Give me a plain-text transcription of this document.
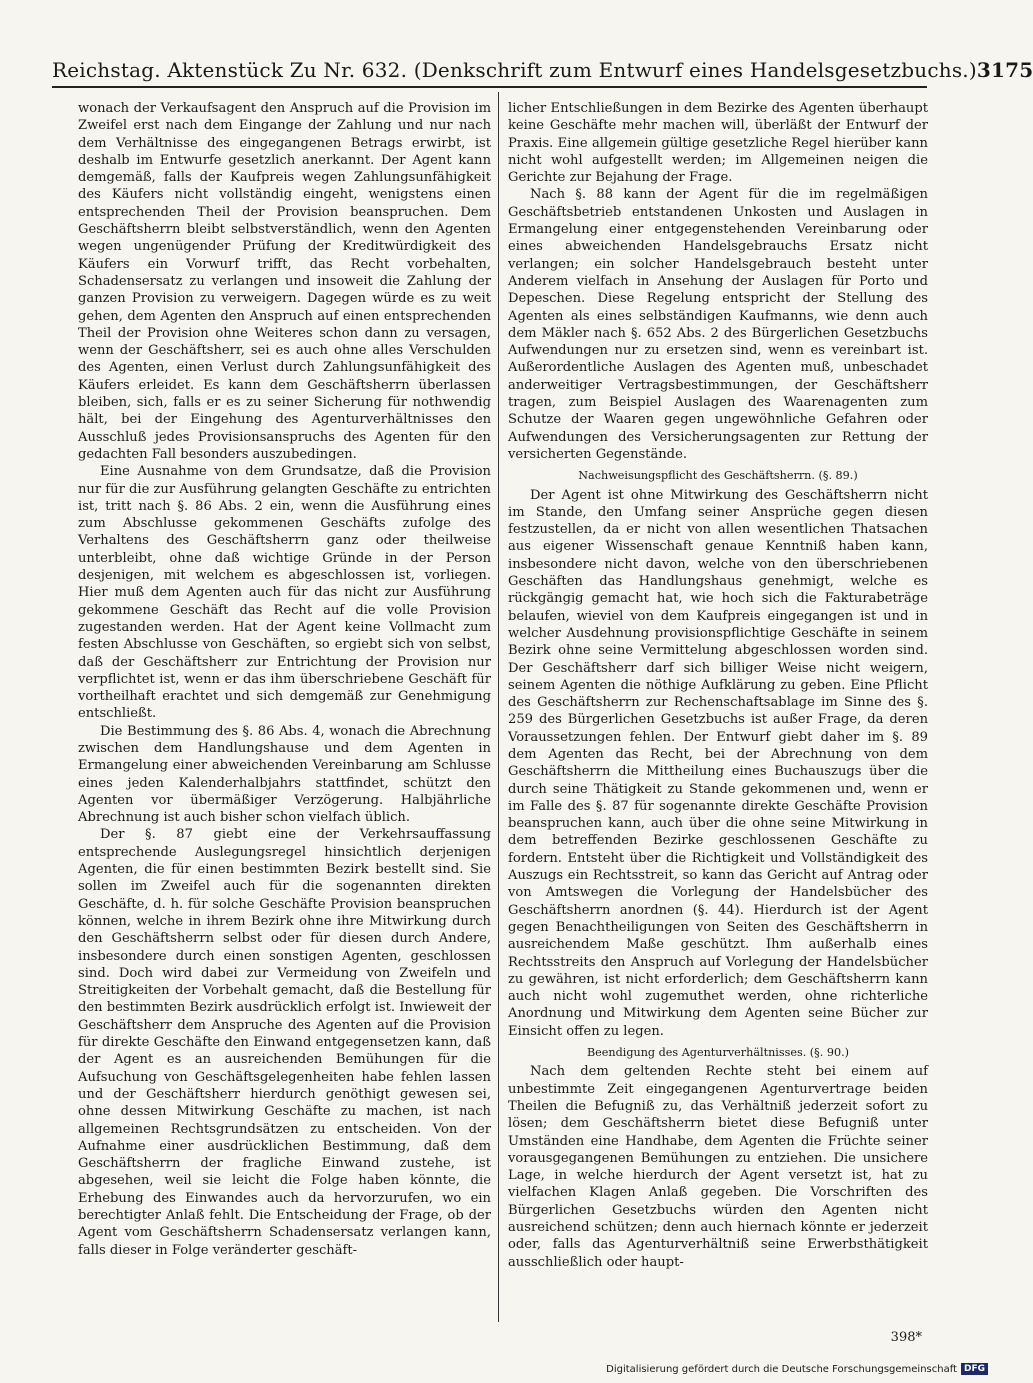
Reichstag. Aktenstück Zu Nr. 632. (Denkschrift zum Entwurf eines Handelsgesetzbuchs.) 3175

wonach der Verkaufsagent den Anspruch auf die Provision im Zweifel erst nach dem Eingange der Zahlung und nur nach dem Verhältnisse des eingegangenen Betrags erwirbt, ist deshalb im Entwurfe gesetzlich anerkannt. Der Agent kann demgemäß, falls der Kaufpreis wegen Zahlungsunfähigkeit des Käufers nicht vollständig eingeht, wenigstens einen entsprechenden Theil der Provision beanspruchen. Dem Geschäftsherrn bleibt selbstverständlich, wenn den Agenten wegen ungenügender Prüfung der Kreditwürdigkeit des Käufers ein Vorwurf trifft, das Recht vorbehalten, Schadensersatz zu verlangen und insoweit die Zahlung der ganzen Provision zu verweigern. Dagegen würde es zu weit gehen, dem Agenten den Anspruch auf einen entsprechenden Theil der Provision ohne Weiteres schon dann zu versagen, wenn der Geschäftsherr, sei es auch ohne alles Verschulden des Agenten, einen Verlust durch Zahlungsunfähigkeit des Käufers erleidet. Es kann dem Geschäftsherrn überlassen bleiben, sich, falls er es zu seiner Sicherung für nothwendig hält, bei der Eingehung des Agenturverhältnisses den Ausschluß jedes Provisionsanspruchs des Agenten für den gedachten Fall besonders auszubedingen.

Eine Ausnahme von dem Grundsatze, daß die Provision nur für die zur Ausführung gelangten Geschäfte zu entrichten ist, tritt nach §. 86 Abs. 2 ein, wenn die Ausführung eines zum Abschlusse gekommenen Geschäfts zufolge des Verhaltens des Geschäftsherrn ganz oder theilweise unterbleibt, ohne daß wichtige Gründe in der Person desjenigen, mit welchem es abgeschlossen ist, vorliegen. Hier muß dem Agenten auch für das nicht zur Ausführung gekommene Geschäft das Recht auf die volle Provision zugestanden werden. Hat der Agent keine Vollmacht zum festen Abschlusse von Geschäften, so ergiebt sich von selbst, daß der Geschäftsherr zur Entrichtung der Provision nur verpflichtet ist, wenn er das ihm überschriebene Geschäft für vortheilhaft erachtet und sich demgemäß zur Genehmigung entschließt.

Die Bestimmung des §. 86 Abs. 4, wonach die Abrechnung zwischen dem Handlungshause und dem Agenten in Ermangelung einer abweichenden Vereinbarung am Schlusse eines jeden Kalenderhalbjahrs stattfindet, schützt den Agenten vor übermäßiger Verzögerung. Halbjährliche Abrechnung ist auch bisher schon vielfach üblich.

Der §. 87 giebt eine der Verkehrsauffassung entsprechende Auslegungsregel hinsichtlich derjenigen Agenten, die für einen bestimmten Bezirk bestellt sind. Sie sollen im Zweifel auch für die sogenannten direkten Geschäfte, d. h. für solche Geschäfte Provision beanspruchen können, welche in ihrem Bezirk ohne ihre Mitwirkung durch den Geschäftsherrn selbst oder für diesen durch Andere, insbesondere durch einen sonstigen Agenten, geschlossen sind. Doch wird dabei zur Vermeidung von Zweifeln und Streitigkeiten der Vorbehalt gemacht, daß die Bestellung für den bestimmten Bezirk ausdrücklich erfolgt ist. Inwieweit der Geschäftsherr dem Anspruche des Agenten auf die Provision für direkte Geschäfte den Einwand entgegensetzen kann, daß der Agent es an ausreichenden Bemühungen für die Aufsuchung von Geschäftsgelegenheiten habe fehlen lassen und der Geschäftsherr hierdurch genöthigt gewesen sei, ohne dessen Mitwirkung Geschäfte zu machen, ist nach allgemeinen Rechtsgrundsätzen zu entscheiden. Von der Aufnahme einer ausdrücklichen Bestimmung, daß dem Geschäftsherrn der fragliche Einwand zustehe, ist abgesehen, weil sie leicht die Folge haben könnte, die Erhebung des Einwandes auch da hervorzurufen, wo ein berechtigter Anlaß fehlt. Die Entscheidung der Frage, ob der Agent vom Geschäftsherrn Schadensersatz verlangen kann, falls dieser in Folge veränderter geschäft-

licher Entschließungen in dem Bezirke des Agenten überhaupt keine Geschäfte mehr machen will, überläßt der Entwurf der Praxis. Eine allgemein gültige gesetzliche Regel hierüber kann nicht wohl aufgestellt werden; im Allgemeinen neigen die Gerichte zur Bejahung der Frage.

Nach §. 88 kann der Agent für die im regelmäßigen Geschäftsbetrieb entstandenen Unkosten und Auslagen in Ermangelung einer entgegenstehenden Vereinbarung oder eines abweichenden Handelsgebrauchs Ersatz nicht verlangen; ein solcher Handelsgebrauch besteht unter Anderem vielfach in Ansehung der Auslagen für Porto und Depeschen. Diese Regelung entspricht der Stellung des Agenten als eines selbständigen Kaufmanns, wie denn auch dem Mäkler nach §. 652 Abs. 2 des Bürgerlichen Gesetzbuchs Aufwendungen nur zu ersetzen sind, wenn es vereinbart ist. Außerordentliche Auslagen des Agenten muß, unbeschadet anderweitiger Vertragsbestimmungen, der Geschäftsherr tragen, zum Beispiel Auslagen des Waarenagenten zum Schutze der Waaren gegen ungewöhnliche Gefahren oder Aufwendungen des Versicherungsagenten zur Rettung der versicherten Gegenstände.

Nachweisungspflicht des Geschäftsherrn. (§. 89.)

Der Agent ist ohne Mitwirkung des Geschäftsherrn nicht im Stande, den Umfang seiner Ansprüche gegen diesen festzustellen, da er nicht von allen wesentlichen Thatsachen aus eigener Wissenschaft genaue Kenntniß haben kann, insbesondere nicht davon, welche von den überschriebenen Geschäften das Handlungshaus genehmigt, welche es rückgängig gemacht hat, wie hoch sich die Fakturabeträge belaufen, wieviel von dem Kaufpreis eingegangen ist und in welcher Ausdehnung provisionspflichtige Geschäfte in seinem Bezirk ohne seine Vermittelung abgeschlossen worden sind. Der Geschäftsherr darf sich billiger Weise nicht weigern, seinem Agenten die nöthige Aufklärung zu geben. Eine Pflicht des Geschäftsherrn zur Rechenschaftsablage im Sinne des §. 259 des Bürgerlichen Gesetzbuchs ist außer Frage, da deren Voraussetzungen fehlen. Der Entwurf giebt daher im §. 89 dem Agenten das Recht, bei der Abrechnung von dem Geschäftsherrn die Mittheilung eines Buchauszugs über die durch seine Thätigkeit zu Stande gekommenen und, wenn er im Falle des §. 87 für sogenannte direkte Geschäfte Provision beanspruchen kann, auch über die ohne seine Mitwirkung in dem betreffenden Bezirke geschlossenen Geschäfte zu fordern. Entsteht über die Richtigkeit und Vollständigkeit des Auszugs ein Rechtsstreit, so kann das Gericht auf Antrag oder von Amtswegen die Vorlegung der Handelsbücher des Geschäftsherrn anordnen (§. 44). Hierdurch ist der Agent gegen Benachtheiligungen von Seiten des Geschäftsherrn in ausreichendem Maße geschützt. Ihm außerhalb eines Rechtsstreits den Anspruch auf Vorlegung der Handelsbücher zu gewähren, ist nicht erforderlich; dem Geschäftsherrn kann auch nicht wohl zugemuthet werden, ohne richterliche Anordnung und Mitwirkung dem Agenten seine Bücher zur Einsicht offen zu legen.

Beendigung des Agenturverhältnisses. (§. 90.)

Nach dem geltenden Rechte steht bei einem auf unbestimmte Zeit eingegangenen Agenturvertrage beiden Theilen die Befugniß zu, das Verhältniß jederzeit sofort zu lösen; dem Geschäftsherrn bietet diese Befugniß unter Umständen eine Handhabe, dem Agenten die Früchte seiner vorausgegangenen Bemühungen zu entziehen. Die unsichere Lage, in welche hierdurch der Agent versetzt ist, hat zu vielfachen Klagen Anlaß gegeben. Die Vorschriften des Bürgerlichen Gesetzbuchs würden den Agenten nicht ausreichend schützen; denn auch hiernach könnte er jederzeit oder, falls das Agenturverhältniß seine Erwerbsthätigkeit ausschließlich oder haupt-

398*
Digitalisierung gefördert durch die Deutsche Forschungsgemeinschaft DFG
